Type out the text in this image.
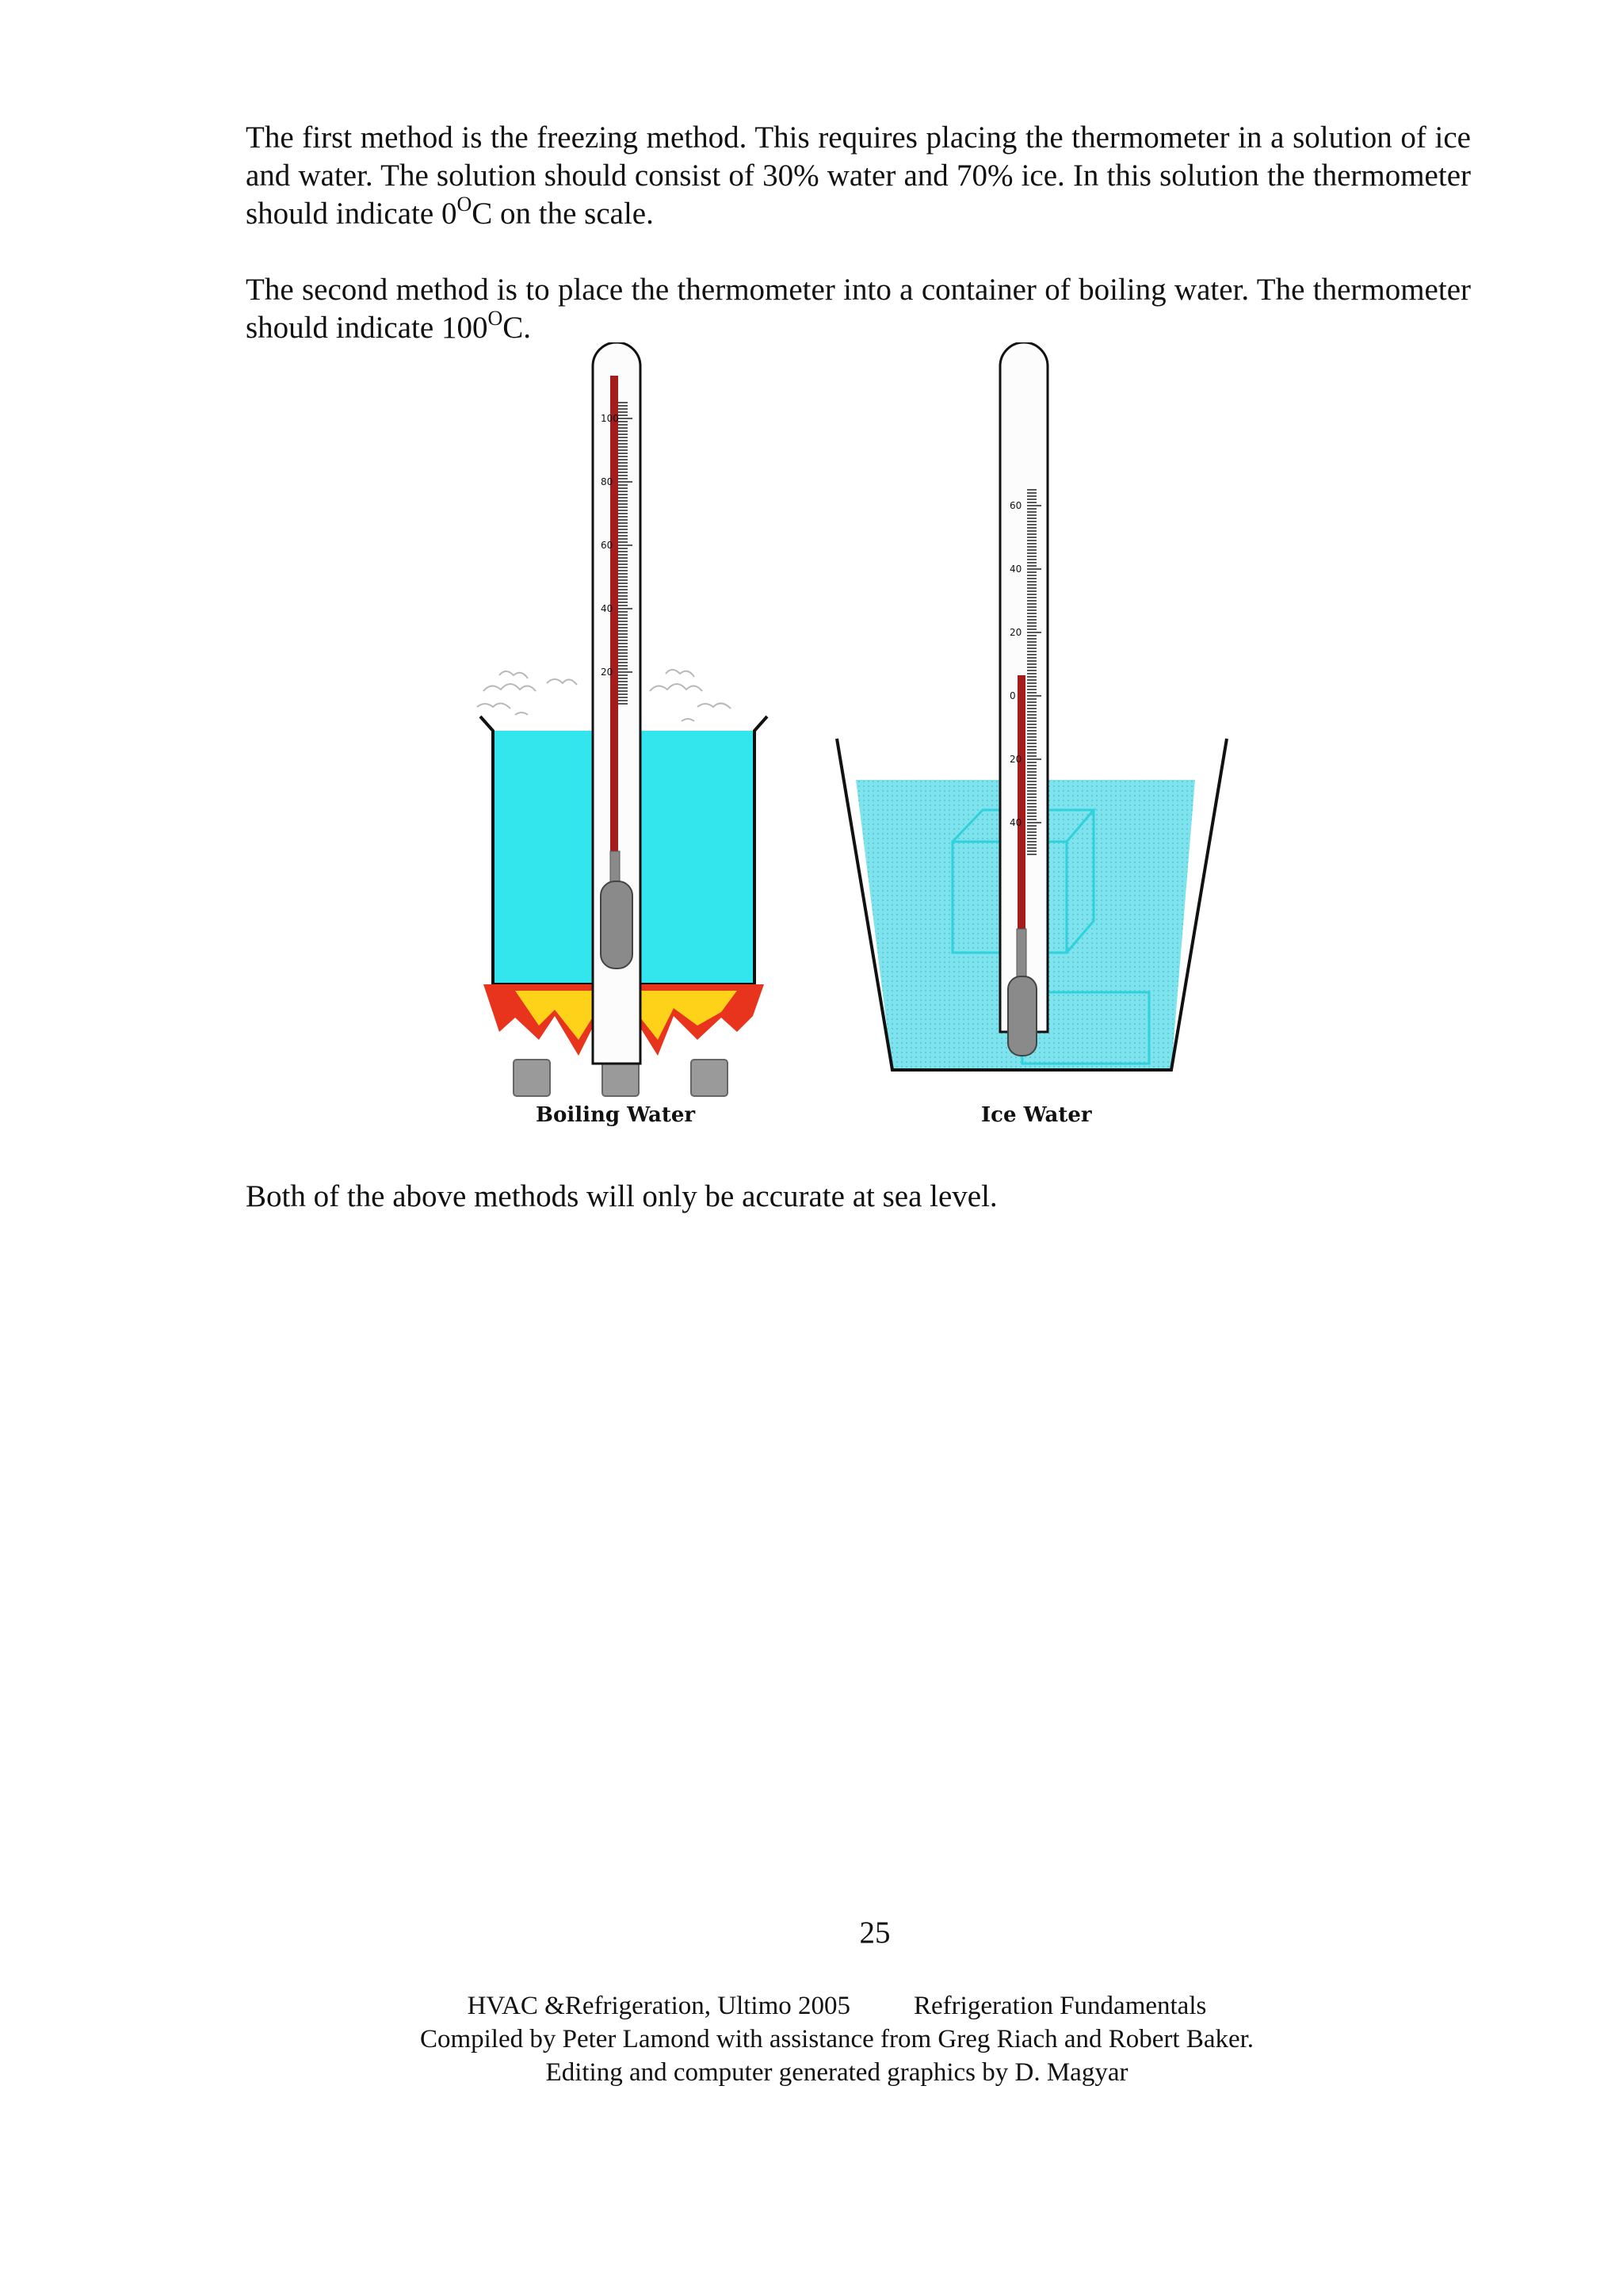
The first method is the freezing method. This requires placing the thermometer in a solution of ice and water. The solution should consist of 30% water and 70% ice. In this solution the thermometer should indicate $0^OC$ on the scale.

The second method is to place the thermometer into a container of boiling water. The thermometer should indicate $100^OC$.

100
80
60
40
20
60
40
20
0
20
40
Boiling Water	Ice Water

Both of the above methods will only be accurate at sea level.

25
HVAC &Refrigeration, Ultimo 2005 Refrigeration Fundamentals
Compiled by Peter Lamond with assistance from Greg Riach and Robert Baker.
Editing and computer generated graphics by D. Magyar
